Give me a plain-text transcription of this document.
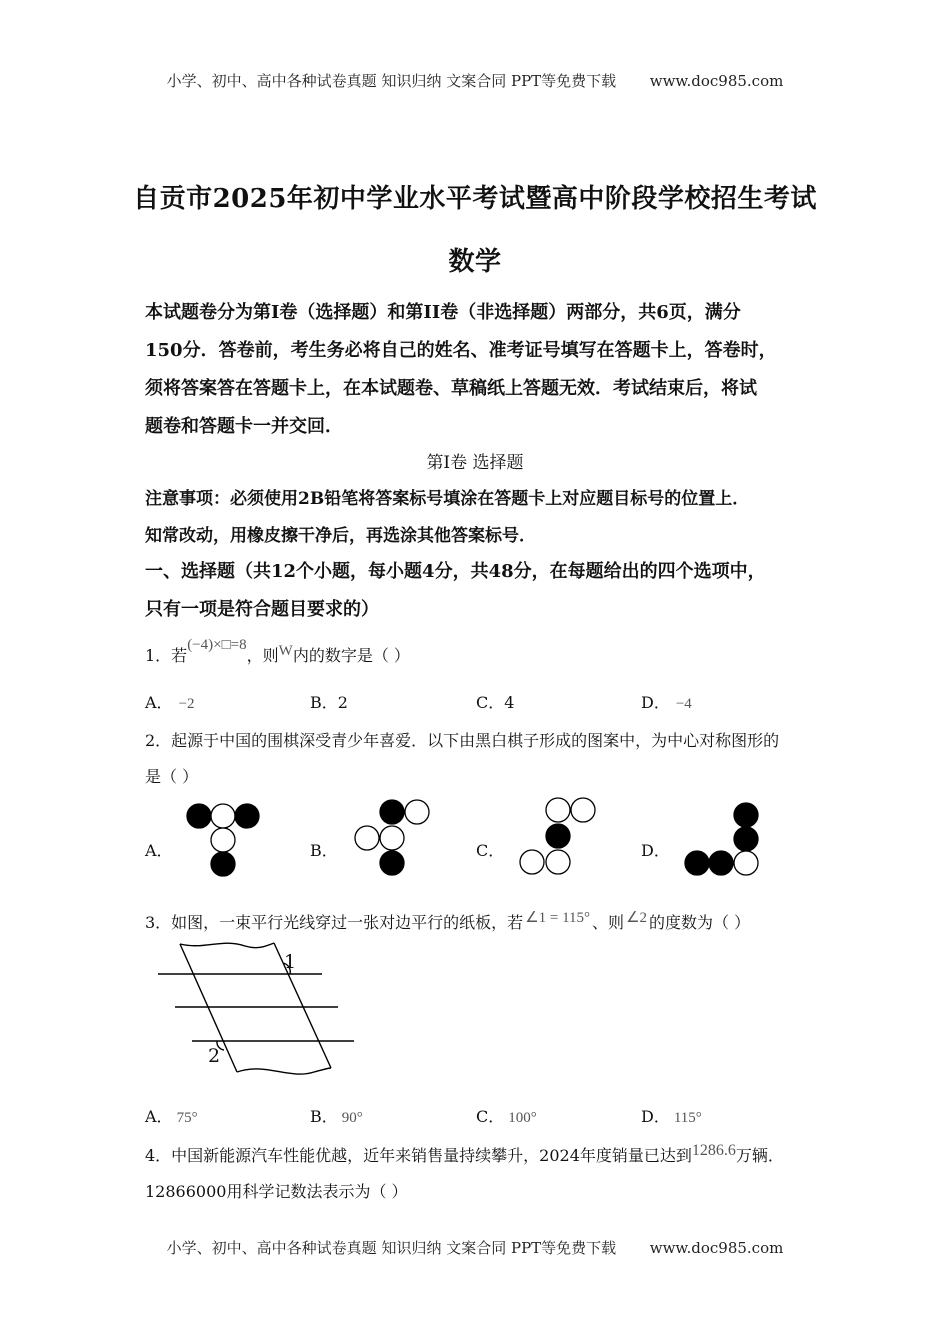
小学、初中、高中各种试卷真题 知识归纳 文案合同 PPT等免费下载 www.doc985.com
自贡市2025年初中学业水平考试暨高中阶段学校招生考试
数学
本试题卷分为第I卷（选择题）和第II卷（非选择题）两部分，共6页，满分
150分．答卷前，考生务必将自己的姓名、准考证号填写在答题卡上，答卷时，
须将答案答在答题卡上，在本试题卷、草稿纸上答题无效．考试结束后，将试
题卷和答题卡一并交回．
第I卷 选择题
注意事项：必须使用2B铅笔将答案标号填涂在答题卡上对应题目标号的位置上．
知常改动，用橡皮擦干净后，再选涂其他答案标号．
一、选择题（共12个小题，每小题4分，共48分，在每题给出的四个选项中，
只有一项是符合题目要求的）
1．若(−4)×□=8，则W内的数字是（ ）
A． −2	B．2	C．4	D． −4
2．起源于中国的围棋深受青少年喜爱．以下由黑白棋子形成的图案中，为中心对称图形的
是（ ）
A．	B．	C．	D．
3．如图，一束平行光线穿过一张对边平行的纸板，若 ∠1 = 115° 、则 ∠2 的度数为（ ）
1
2
A． 75°	B． 90°	C． 100°	D． 115°
4．中国新能源汽车性能优越，近年来销售量持续攀升，2024年度销量已达到1286.6万辆．
12866000用科学记数法表示为（ ）
小学、初中、高中各种试卷真题 知识归纳 文案合同 PPT等免费下载 www.doc985.com
